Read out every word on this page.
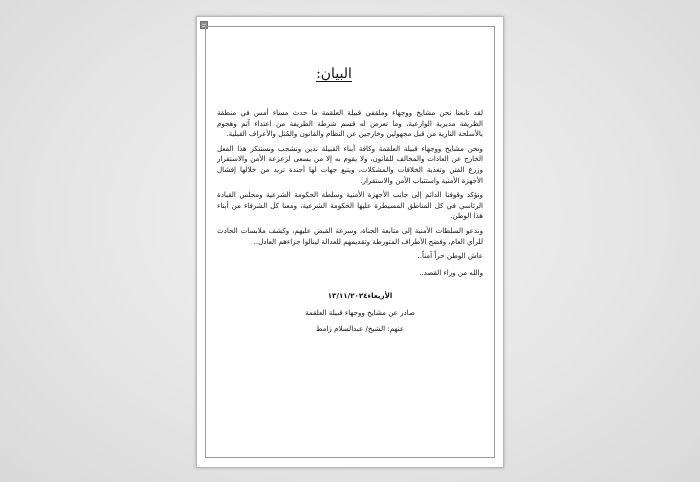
البيان:

لقد تابعنا نحن مشايخ ووجهاء وملقفي قبيلة العلقمة ما حدث مساء أمس في منطقة الظريفة مديرية الوازعية، وما تعرض له قسم شرطة الظريفة من اعتداء آثم وهجوم بالأسلحة النارية من قبل مجهولين وخارجين عن النظام والقانون والمُثل والأعراف القبلية.

ونحن مشايخ ووجهاء قبيلة العلقمة وكافة أبناء القبيلة ندين ونشجب ونستنكر هذا الفعل الخارج عن العادات والمخالف للقانون، ولا يقوم به إلا من يسعى لزعزعة الأمن والاستقرار وزرع الفتن وتغذية الخلافات والمشكلات، ويتبع جهات لها أجندة تريد من خلالها إفشال الأجهزة الأمنية واستتباب الأمن والاستقرار.

ونؤكد وقوفنا الدائم إلى جانب الأجهزة الأمنية وسلطة الحكومة الشرعية ومجلس القيادة الرئاسي في كل المناطق المسيطرة عليها الحكومة الشرعية، ومعنا كل الشرفاء من أبناء هذا الوطن.

وندعو السلطات الأمنية إلى متابعة الجناة، وسرعة القبض عليهم، وكشف ملابسات الحادث للرأي العام، وفضح الأطراف المتورطة وتقديمهم للعدالة لينالوا جزاءهم العادل..

عاش الوطن حراً آمناً..

والله من وراء القصد..

الأربعاء١٣/١١/٢٠٢٤

صادر عن مشايخ ووجهاء قبيلة العلقمة

عنهم: الشيخ/ عبدالسلام زامط
